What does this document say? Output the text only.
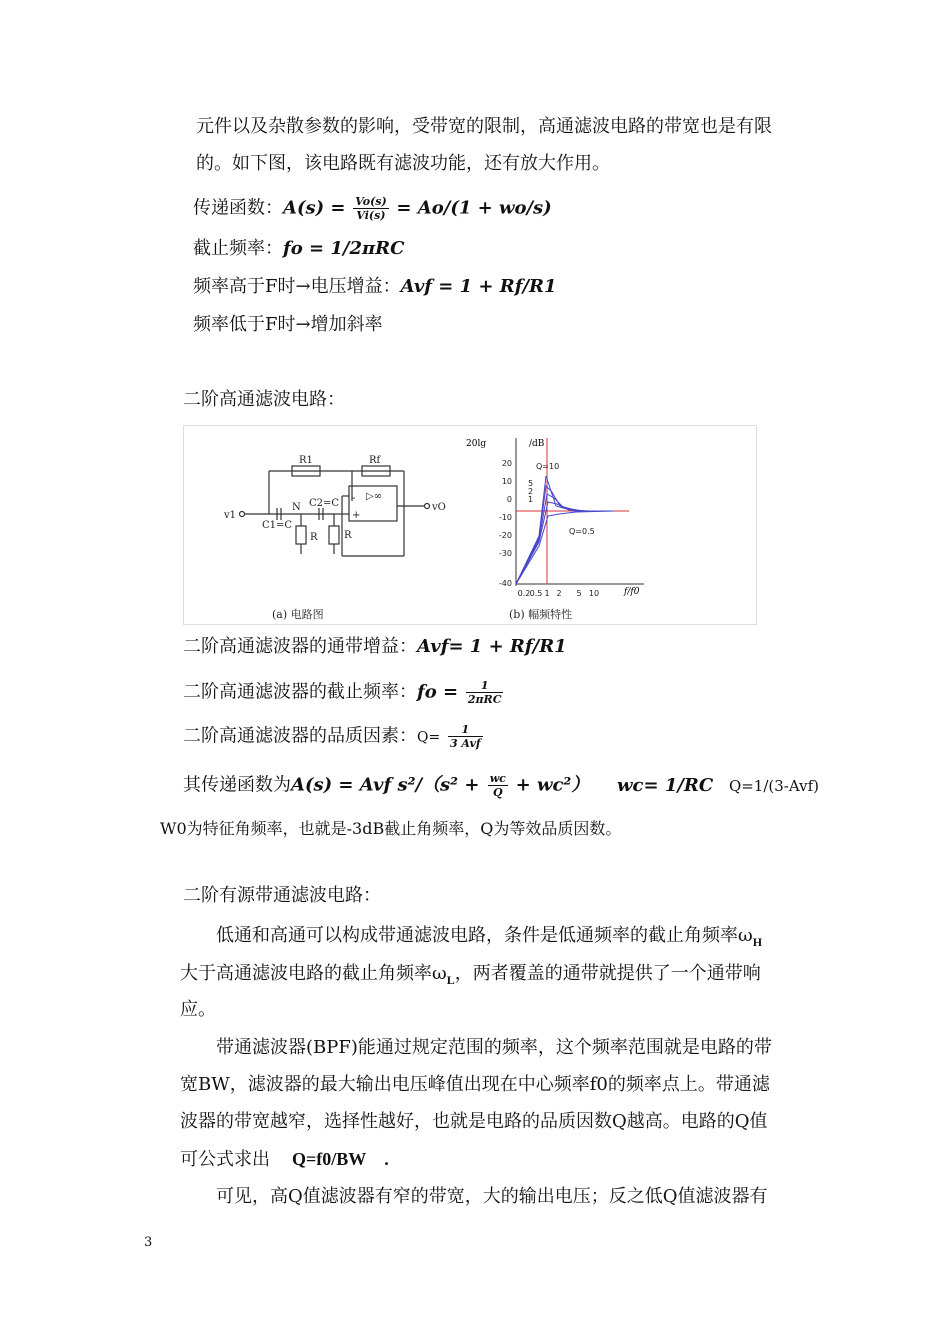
元件以及杂散参数的影响，受带宽的限制，高通滤波电路的带宽也是有限
的。如下图，该电路既有滤波功能，还有放大作用。
传递函数：$A(s) = \frac{Vo(s)}{Vi(s)} = Ao/(1 + wo/s)$
截止频率：fo = 1/2πRC
频率高于F时→电压增益：Avf = 1 + Rf/R1
频率低于F时→增加斜率
二阶高通滤波电路：
R1	Rf
v1
C1=C
C2=C
N
R	R
vO
▷∞
-
+
(a) 电路图	(b) 幅频特性
20lg	/dB
20
10
0
-10
-20
-30
-40
0.2 0.5 1 2 5 10	f/f0
Q=10
5
2
1
Q=0.5
二阶高通滤波器的通带增益：Avf= 1 + Rf/R1
二阶高通滤波器的截止频率：fo = $\frac{1}{\text{2πRC}}$
二阶高通滤波器的品质因素：$Q= \frac{1}{\text{3 Avf}}$
其传递函数为A(s) = Avf $s^2/(s^2 + \frac{wc}{Q} + wc^2)$ wc= 1/RC Q=1/(3-Avf)
W0为特征角频率，也就是-3dB截止角频率，Q为等效品质因数。
二阶有源带通滤波电路：
低通和高通可以构成带通滤波电路，条件是低通频率的截止角频率$\omega_H$
大于高通滤波电路的截止角频率$\omega_L$，两者覆盖的通带就提供了一个通带响
应。
带通滤波器(BPF)能通过规定范围的频率，这个频率范围就是电路的带
宽BW，滤波器的最大输出电压峰值出现在中心频率f0的频率点上。带通滤
波器的带宽越窄，选择性越好，也就是电路的品质因数Q越高。电路的Q值
可公式求出 Q=f0/BW .
可见，高Q值滤波器有窄的带宽，大的输出电压；反之低Q值滤波器有
3
